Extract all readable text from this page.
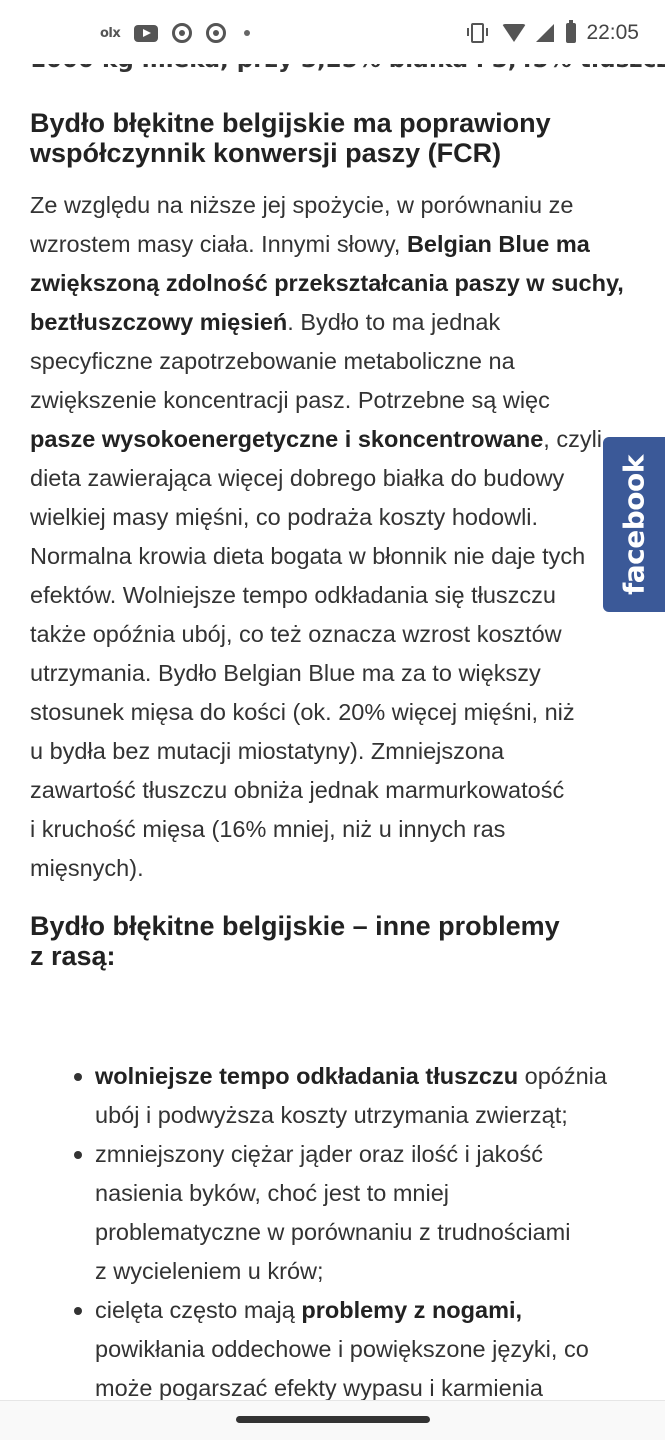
Bydło błękitne belgijskie ma poprawiony
współczynnik konwersji paszy (FCR)

Ze względu na niższe jej spożycie, w porównaniu ze
wzrostem masy ciała. Innymi słowy, Belgian Blue ma
zwiększoną zdolność przekształcania paszy w suchy,
beztłuszczowy mięsień. Bydło to ma jednak
specyficzne zapotrzebowanie metaboliczne na
zwiększenie koncentracji pasz. Potrzebne są więc
pasze wysokoenergetyczne i skoncentrowane, czyli
dieta zawierająca więcej dobrego białka do budowy
wielkiej masy mięśni, co podraża koszty hodowli.
Normalna krowia dieta bogata w błonnik nie daje tych
efektów. Wolniejsze tempo odkładania się tłuszczu
także opóźnia ubój, co też oznacza wzrost kosztów
utrzymania. Bydło Belgian Blue ma za to większy
stosunek mięsa do kości (ok. 20% więcej mięśni, niż
u bydła bez mutacji miostatyny). Zmniejszona
zawartość tłuszczu obniża jednak marmurkowatość
i kruchość mięsa (16% mniej, niż u innych ras
mięsnych).

Bydło błękitne belgijskie – inne problemy
z rasą:
wolniejsze tempo odkładania tłuszczu opóźnia
ubój i podwyższa koszty utrzymania zwierząt;
zmniejszony ciężar jąder oraz ilość i jakość
nasienia byków, choć jest to mniej
problematyczne w porównaniu z trudnościami
z wycieleniem u krów;
cielęta często mają problemy z nogami,
powikłania oddechowe i powiększone języki, co
może pogarszać efekty wypasu i karmienia
olx	22:05
facebook
